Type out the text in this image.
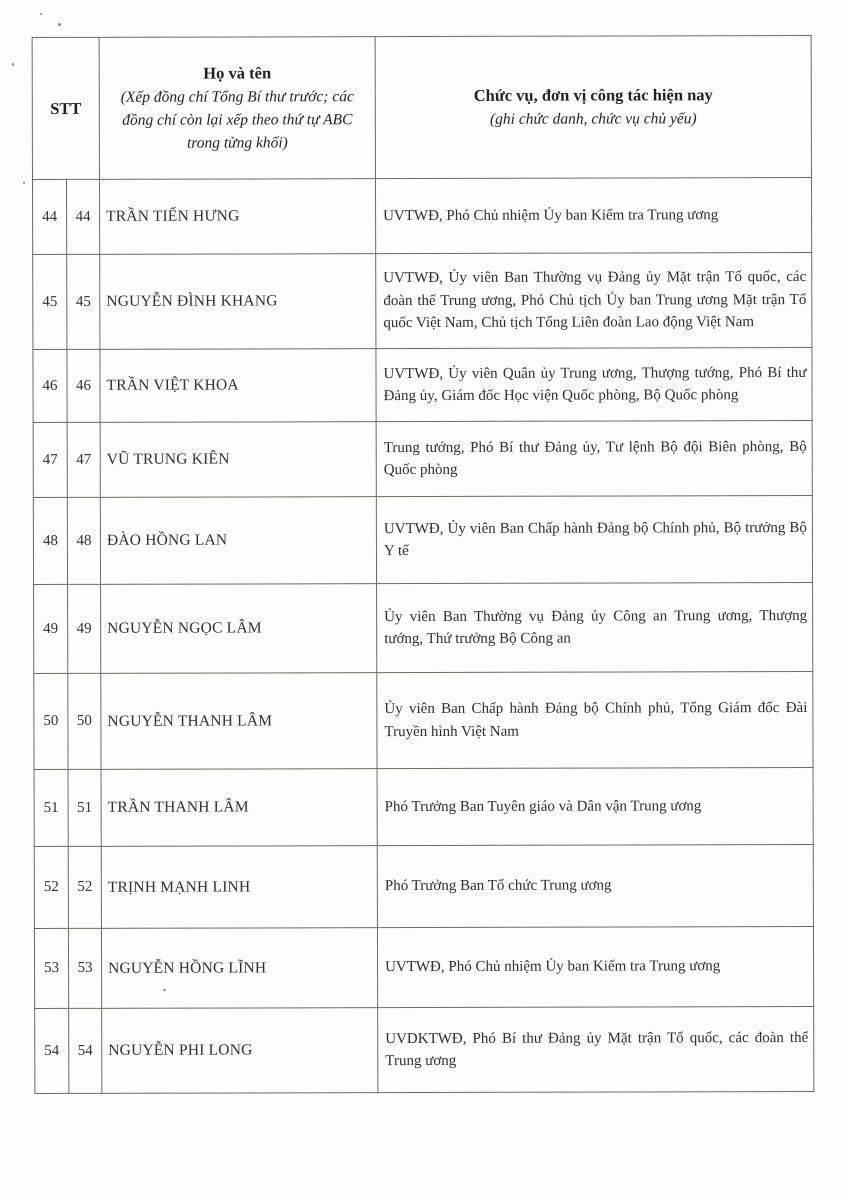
STT	
Họ và tên
(Xếp đồng chí Tổng Bí thư trước; các đồng chí còn lại xếp theo thứ tự ABC trong từng khối)

Chức vụ, đơn vị công tác hiện nay
(ghi chức danh, chức vụ chủ yếu)

44	44	TRẦN TIẾN HƯNG	UVTWĐ, Phó Chủ nhiệm Ủy ban Kiểm tra Trung ương
45	45	NGUYỄN ĐÌNH KHANG	UVTWĐ, Ủy viên Ban Thường vụ Đảng ủy Mặt trận Tổ quốc, các đoàn thể Trung ương, Phó Chủ tịch Ủy ban Trung ương Mặt trận Tổ quốc Việt Nam, Chủ tịch Tổng Liên đoàn Lao động Việt Nam
46	46	TRẦN VIỆT KHOA	UVTWĐ, Ủy viên Quân ủy Trung ương, Thượng tướng, Phó Bí thư Đảng ủy, Giám đốc Học viện Quốc phòng, Bộ Quốc phòng
47	47	VŨ TRUNG KIÊN	Trung tướng, Phó Bí thư Đảng ủy, Tư lệnh Bộ đội Biên phòng, Bộ Quốc phòng
48	48	ĐÀO HỒNG LAN	UVTWĐ, Ủy viên Ban Chấp hành Đảng bộ Chính phủ, Bộ trưởng Bộ Y tế
49	49	NGUYỄN NGỌC LÂM	Ủy viên Ban Thường vụ Đảng ủy Công an Trung ương, Thượng tướng, Thứ trưởng Bộ Công an
50	50	NGUYỄN THANH LÂM	Ủy viên Ban Chấp hành Đảng bộ Chính phủ, Tổng Giám đốc Đài Truyền hình Việt Nam
51	51	TRẦN THANH LÂM	Phó Trưởng Ban Tuyên giáo và Dân vận Trung ương
52	52	TRỊNH MẠNH LINH	Phó Trưởng Ban Tổ chức Trung ương
53	53	NGUYỄN HỒNG LĨNH	UVTWĐ, Phó Chủ nhiệm Ủy ban Kiểm tra Trung ương
54	54	NGUYỄN PHI LONG	UVDKTWĐ, Phó Bí thư Đảng ủy Mặt trận Tổ quốc, các đoàn thể Trung ương
